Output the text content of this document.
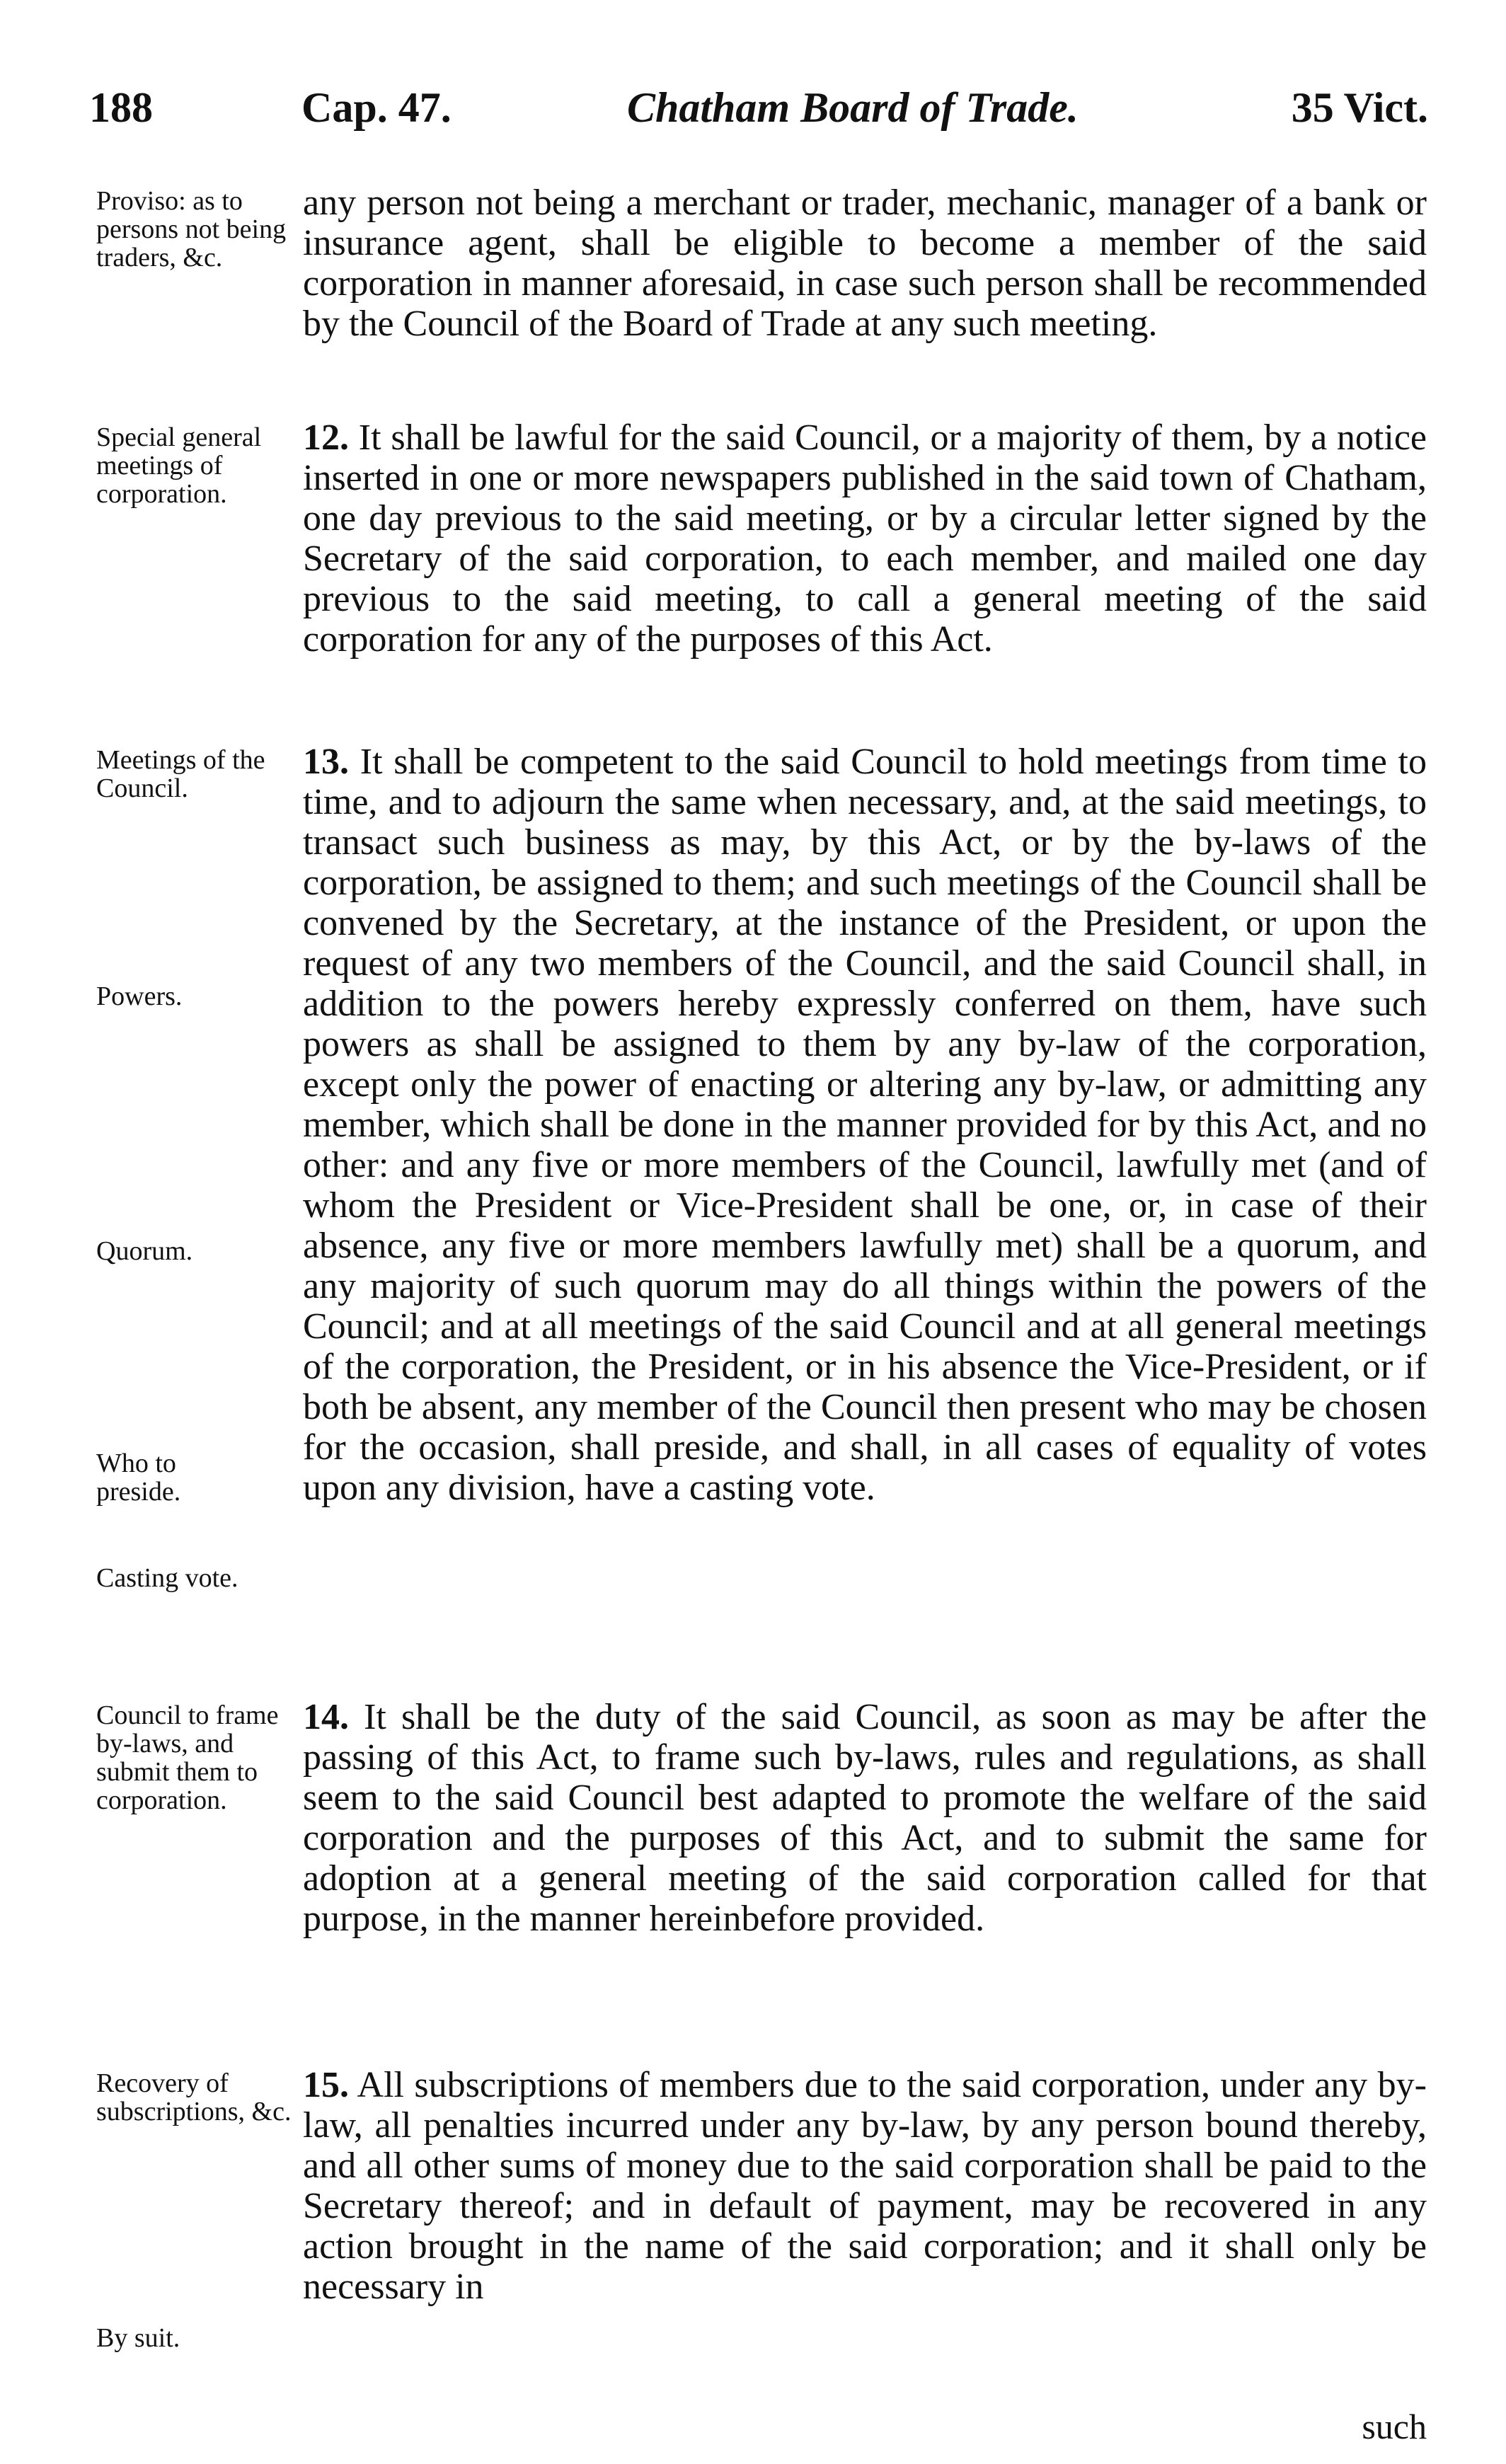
188	Cap. 47.	Chatham Board of Trade.	35 Vict.
Proviso: as to persons not being traders, &c.

any person not being a merchant or trader, mechanic, manager of a bank or insurance agent, shall be eligible to become a member of the said corporation in manner aforesaid, in case such person shall be recommended by the Council of the Board of Trade at any such meeting.

Special general meetings of corporation.

12. It shall be lawful for the said Council, or a majority of them, by a notice inserted in one or more newspapers published in the said town of Chatham, one day previous to the said meeting, or by a circular letter signed by the Secretary of the said corporation, to each member, and mailed one day previous to the said meeting, to call a general meeting of the said corporation for any of the purposes of this Act.

Meetings of the Council.
Powers.
Quorum.
Who to preside.
Casting vote.

13. It shall be competent to the said Council to hold meetings from time to time, and to adjourn the same when necessary, and, at the said meetings, to transact such business as may, by this Act, or by the by-laws of the corporation, be assigned to them; and such meetings of the Council shall be convened by the Secretary, at the instance of the President, or upon the request of any two members of the Council, and the said Council shall, in addition to the powers hereby expressly conferred on them, have such powers as shall be assigned to them by any by-law of the corporation, except only the power of enacting or altering any by-law, or admitting any member, which shall be done in the manner provided for by this Act, and no other: and any five or more members of the Council, lawfully met (and of whom the President or Vice-President shall be one, or, in case of their absence, any five or more members lawfully met) shall be a quorum, and any majority of such quorum may do all things within the powers of the Council; and at all meetings of the said Council and at all general meetings of the corporation, the President, or in his absence the Vice-President, or if both be absent, any member of the Council then present who may be chosen for the occasion, shall preside, and shall, in all cases of equality of votes upon any division, have a casting vote.

Council to frame by-laws, and submit them to corporation.

14. It shall be the duty of the said Council, as soon as may be after the passing of this Act, to frame such by-laws, rules and regulations, as shall seem to the said Council best adapted to promote the welfare of the said corporation and the purposes of this Act, and to submit the same for adoption at a general meeting of the said corporation called for that purpose, in the manner hereinbefore provided.

Recovery of subscriptions, &c.
By suit.

15. All subscriptions of members due to the said corporation, under any by-law, all penalties incurred under any by-law, by any person bound thereby, and all other sums of money due to the said corporation shall be paid to the Secretary thereof; and in default of payment, may be recovered in any action brought in the name of the said corporation; and it shall only be necessary in

such
